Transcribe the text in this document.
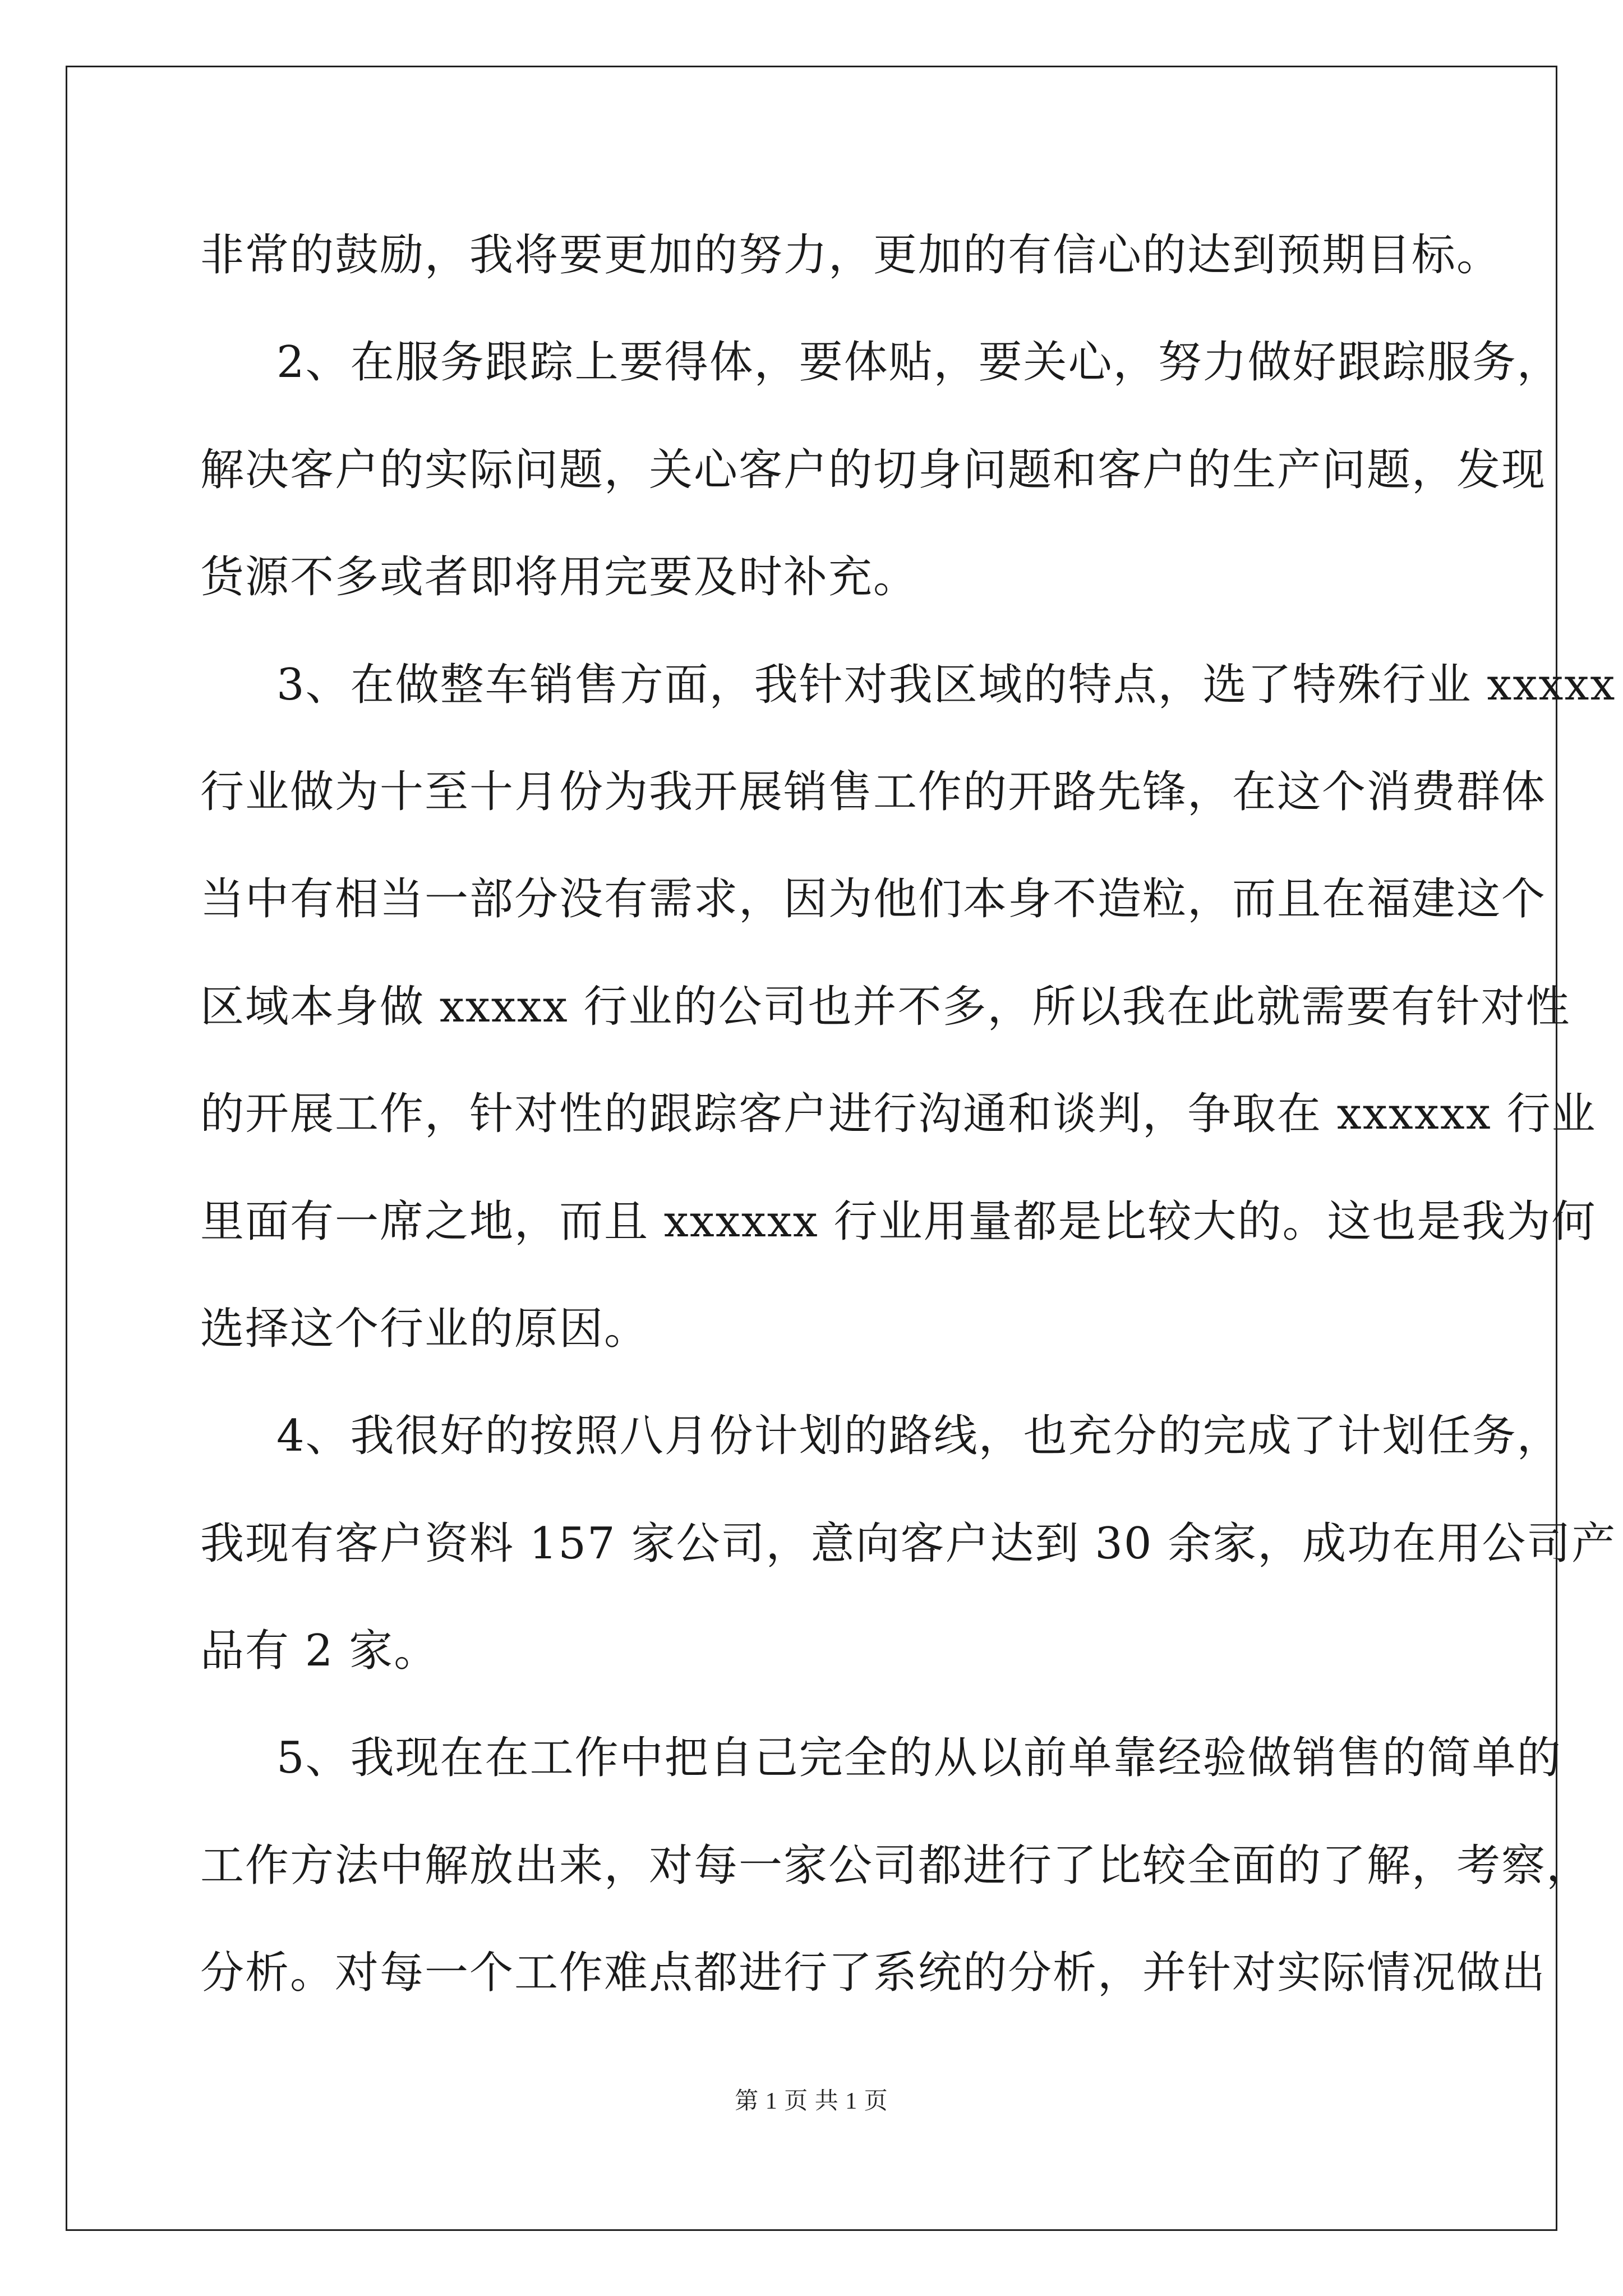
非常的鼓励，我将要更加的努力，更加的有信心的达到预期目标。
2、在服务跟踪上要得体，要体贴，要关心，努力做好跟踪服务，
解决客户的实际问题，关心客户的切身问题和客户的生产问题，发现
货源不多或者即将用完要及时补充。
3、在做整车销售方面，我针对我区域的特点，选了特殊行业 xxxxx
行业做为十至十月份为我开展销售工作的开路先锋，在这个消费群体
当中有相当一部分没有需求，因为他们本身不造粒，而且在福建这个
区域本身做 xxxxx 行业的公司也并不多，所以我在此就需要有针对性
的开展工作，针对性的跟踪客户进行沟通和谈判，争取在 xxxxxx 行业
里面有一席之地，而且 xxxxxx 行业用量都是比较大的。这也是我为何
选择这个行业的原因。
4、我很好的按照八月份计划的路线，也充分的完成了计划任务，
我现有客户资料 157 家公司，意向客户达到 30 余家，成功在用公司产
品有 2 家。
5、我现在在工作中把自己完全的从以前单靠经验做销售的简单的
工作方法中解放出来，对每一家公司都进行了比较全面的了解，考察，
分析。对每一个工作难点都进行了系统的分析，并针对实际情况做出
第 1 页 共 1 页
